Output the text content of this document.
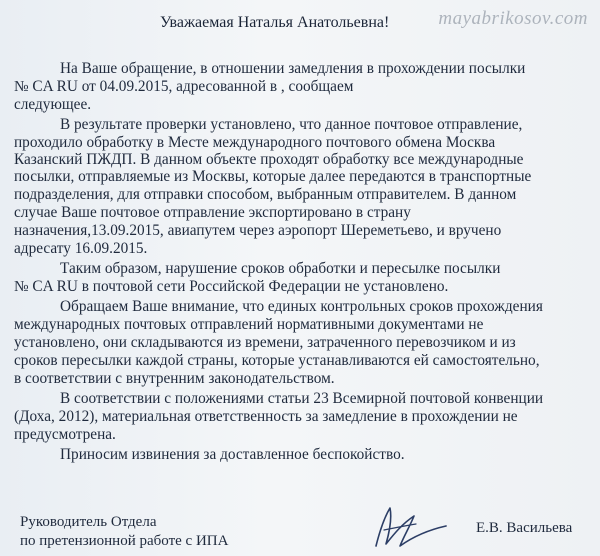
mayabrikosov.com
Уважаемая Наталья Анатольевна!
На Ваше обращение, в отношении замедления в прохождении посылки
№ CA RU от 04.09.2015, адресованной в , сообщаем
следующее.
В результате проверки установлено, что данное почтовое отправление,
проходило обработку в Месте международного почтового обмена Москва
Казанский ПЖДП. В данном объекте проходят обработку все международные
посылки, отправляемые из Москвы, которые далее передаются в транспортные
подразделения, для отправки способом, выбранным отправителем. В данном
случае Ваше почтовое отправление экспортировано в страну
назначения,13.09.2015, авиапутем через аэропорт Шереметьево, и вручено
адресату 16.09.2015.
Таким образом, нарушение сроков обработки и пересылке посылки
№ CA RU в почтовой сети Российской Федерации не установлено.
Обращаем Ваше внимание, что единых контрольных сроков прохождения
международных почтовых отправлений нормативными документами не
установлено, они складываются из времени, затраченного перевозчиком и из
сроков пересылки каждой страны, которые устанавливаются ей самостоятельно,
в соответствии с внутренним законодательством.
В соответствии с положениями статьи 23 Всемирной почтовой конвенции
(Доха, 2012), материальная ответственность за замедление в прохождении не
предусмотрена.
Приносим извинения за доставленное беспокойство.
Руководитель Отдела
по претензионной работе с ИПА
Е.В. Васильева
